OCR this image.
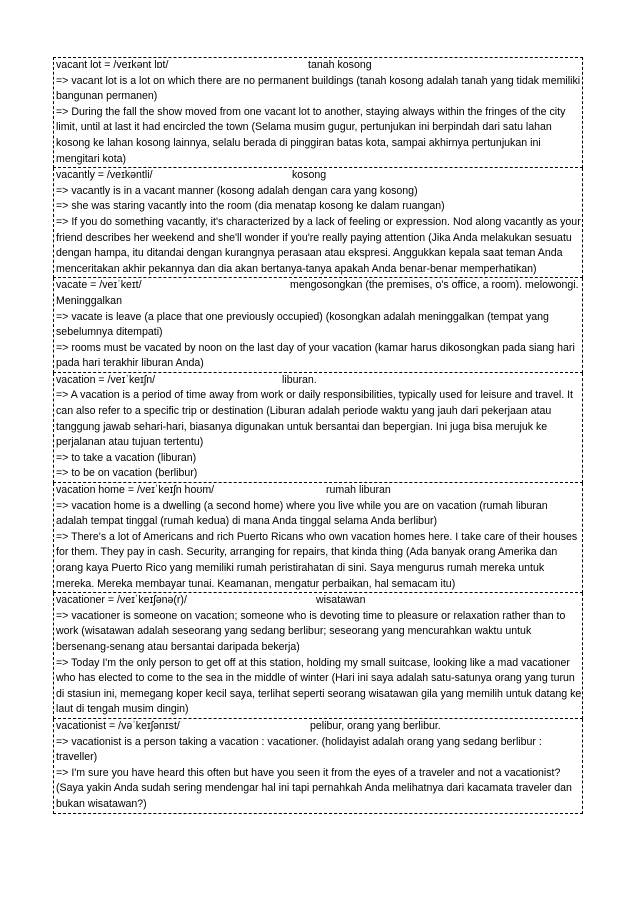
vacant lot = /veɪkənt lɒt/	tanah kosong
=> vacant lot is a lot on which there are no permanent buildings (tanah kosong adalah tanah yang tidak memiliki bangunan permanen)
=> During the fall the show moved from one vacant lot to another, staying always within the fringes of the city limit, until at last it had encircled the town (Selama musim gugur, pertunjukan ini berpindah dari satu lahan kosong ke lahan kosong lainnya, selalu berada di pinggiran batas kota, sampai akhirnya pertunjukan ini mengitari kota)
vacantly = /veɪkəntli/	kosong
=> vacantly is in a vacant manner (kosong adalah dengan cara yang kosong)
=> she was staring vacantly into the room (dia menatap kosong ke dalam ruangan)
=> If you do something vacantly, it's characterized by a lack of feeling or expression. Nod along vacantly as your friend describes her weekend and she'll wonder if you're really paying attention (Jika Anda melakukan sesuatu dengan hampa, itu ditandai dengan kurangnya perasaan atau ekspresi. Anggukkan kepala saat teman Anda menceritakan akhir pekannya dan dia akan bertanya-tanya apakah Anda benar-benar memperhatikan)
vacate = /veɪˈkeɪt/	mengosongkan (the premises, o's office, a room). melowongi. Meninggalkan
=> vacate is leave (a place that one previously occupied) (kosongkan adalah meninggalkan (tempat yang sebelumnya ditempati)
=> rooms must be vacated by noon on the last day of your vacation (kamar harus dikosongkan pada siang hari pada hari terakhir liburan Anda)
vacation = /veɪˈkeɪʃn/	liburan.
=> A vacation is a period of time away from work or daily responsibilities, typically used for leisure and travel. It can also refer to a specific trip or destination (Liburan adalah periode waktu yang jauh dari pekerjaan atau tanggung jawab sehari-hari, biasanya digunakan untuk bersantai dan bepergian. Ini juga bisa merujuk ke perjalanan atau tujuan tertentu)
=> to take a vacation (liburan)
=> to be on vacation (berlibur)
vacation home = /veɪˈkeɪʃn hoʊm/	rumah liburan
=> vacation home is a dwelling (a second home) where you live while you are on vacation (rumah liburan adalah tempat tinggal (rumah kedua) di mana Anda tinggal selama Anda berlibur)
=> There's a lot of Americans and rich Puerto Ricans who own vacation homes here. I take care of their houses for them. They pay in cash. Security, arranging for repairs, that kinda thing (Ada banyak orang Amerika dan orang kaya Puerto Rico yang memiliki rumah peristirahatan di sini. Saya mengurus rumah mereka untuk mereka. Mereka membayar tunai. Keamanan, mengatur perbaikan, hal semacam itu)
vacationer = /veɪˈkeɪʃənə(r)/	wisatawan
=> vacationer is someone on vacation; someone who is devoting time to pleasure or relaxation rather than to work (wisatawan adalah seseorang yang sedang berlibur; seseorang yang mencurahkan waktu untuk bersenang-senang atau bersantai daripada bekerja)
=> Today I'm the only person to get off at this station, holding my small suitcase, looking like a mad vacationer who has elected to come to the sea in the middle of winter (Hari ini saya adalah satu-satunya orang yang turun di stasiun ini, memegang koper kecil saya, terlihat seperti seorang wisatawan gila yang memilih untuk datang ke laut di tengah musim dingin)
vacationist = /vəˈkeɪʃənɪst/	pelibur, orang yang berlibur.
=> vacationist is a person taking a vacation : vacationer. (holidayist adalah orang yang sedang berlibur : traveller)
=> I'm sure you have heard this often but have you seen it from the eyes of a traveler and not a vacationist? (Saya yakin Anda sudah sering mendengar hal ini tapi pernahkah Anda melihatnya dari kacamata traveler dan bukan wisatawan?)
